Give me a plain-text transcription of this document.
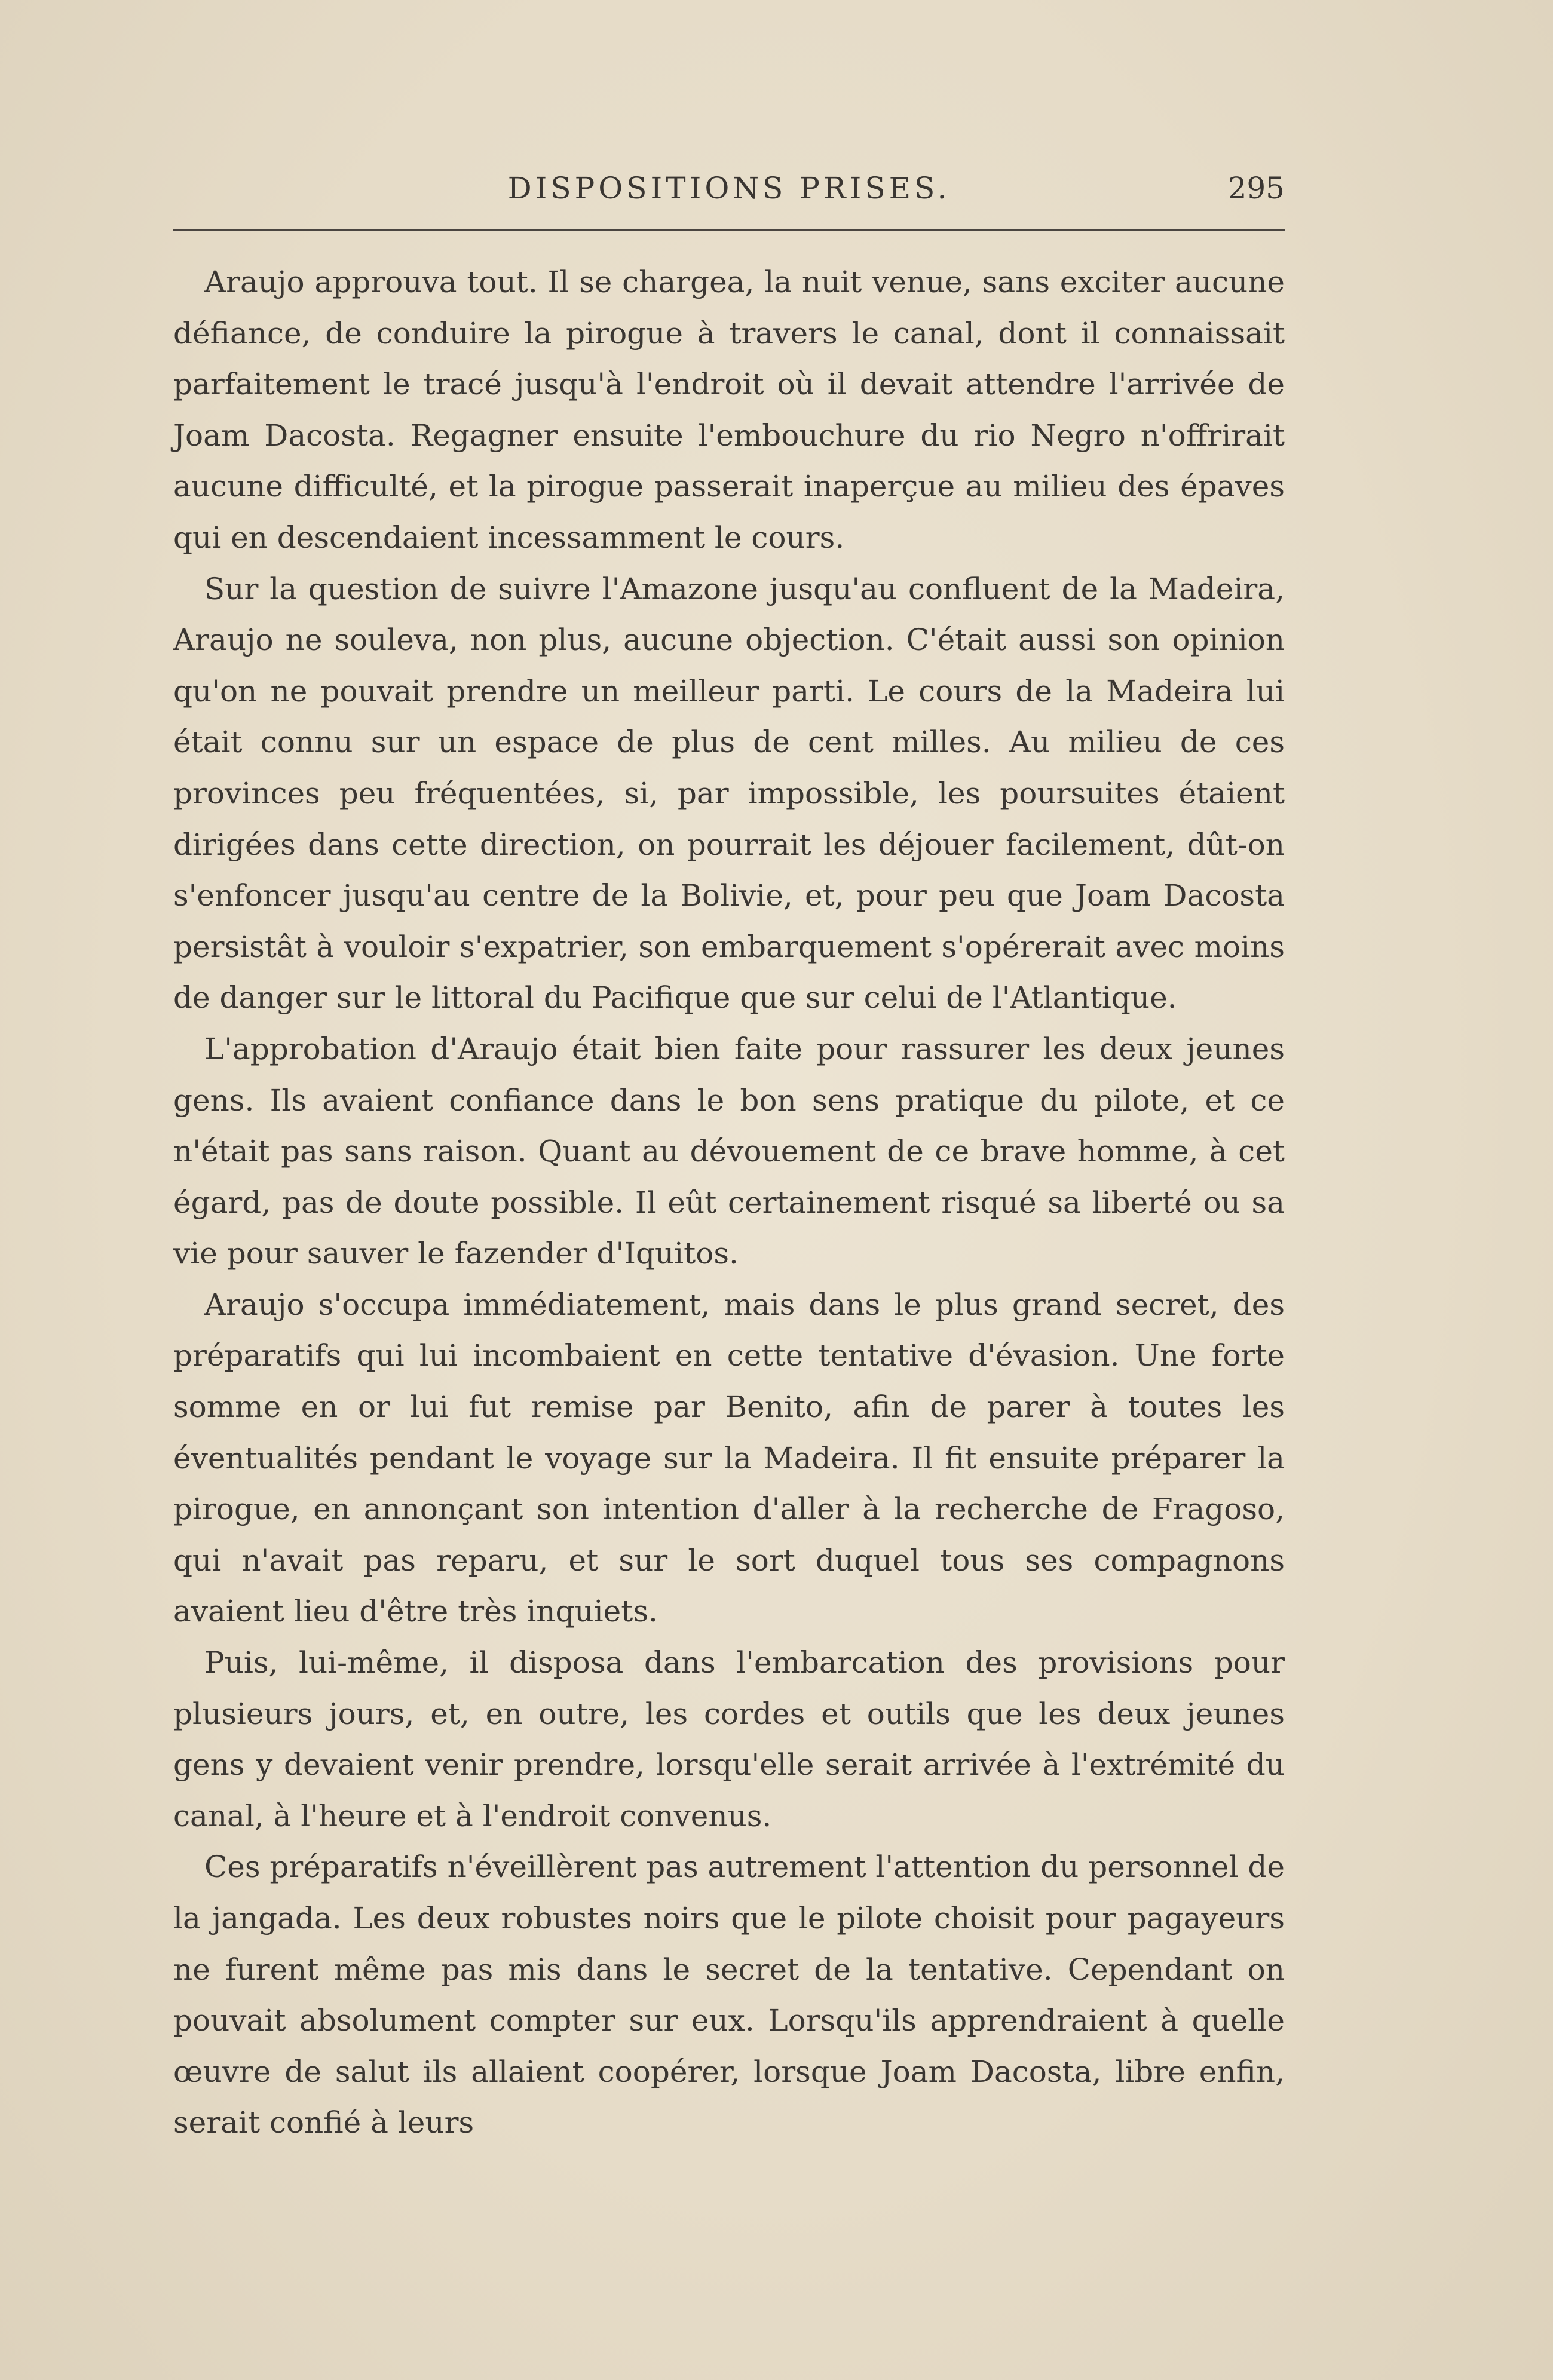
DISPOSITIONS PRISES.	295

Araujo approuva tout. Il se chargea, la nuit venue, sans exciter aucune défiance, de conduire la pirogue à travers le canal, dont il connaissait parfaitement le tracé jusqu'à l'endroit où il devait attendre l'arrivée de Joam Dacosta. Regagner ensuite l'embouchure du rio Negro n'offrirait aucune difficulté, et la pirogue passerait inaperçue au milieu des épaves qui en descendaient incessamment le cours.

Sur la question de suivre l'Amazone jusqu'au confluent de la Madeira, Araujo ne souleva, non plus, aucune objection. C'était aussi son opinion qu'on ne pouvait prendre un meilleur parti. Le cours de la Madeira lui était connu sur un espace de plus de cent milles. Au milieu de ces provinces peu fréquentées, si, par impossible, les poursuites étaient dirigées dans cette direction, on pourrait les déjouer facilement, dût-on s'enfoncer jusqu'au centre de la Bolivie, et, pour peu que Joam Dacosta persistât à vouloir s'expatrier, son embarquement s'opérerait avec moins de danger sur le littoral du Pacifique que sur celui de l'Atlantique.

L'approbation d'Araujo était bien faite pour rassurer les deux jeunes gens. Ils avaient confiance dans le bon sens pratique du pilote, et ce n'était pas sans raison. Quant au dévouement de ce brave homme, à cet égard, pas de doute possible. Il eût certainement risqué sa liberté ou sa vie pour sauver le fazender d'Iquitos.

Araujo s'occupa immédiatement, mais dans le plus grand secret, des préparatifs qui lui incombaient en cette tentative d'évasion. Une forte somme en or lui fut remise par Benito, afin de parer à toutes les éventualités pendant le voyage sur la Madeira. Il fit ensuite préparer la pirogue, en annonçant son intention d'aller à la recherche de Fragoso, qui n'avait pas reparu, et sur le sort duquel tous ses compagnons avaient lieu d'être très inquiets.

Puis, lui-même, il disposa dans l'embarcation des provisions pour plusieurs jours, et, en outre, les cordes et outils que les deux jeunes gens y devaient venir prendre, lorsqu'elle serait arrivée à l'extrémité du canal, à l'heure et à l'endroit convenus.

Ces préparatifs n'éveillèrent pas autrement l'attention du personnel de la jangada. Les deux robustes noirs que le pilote choisit pour pagayeurs ne furent même pas mis dans le secret de la tentative. Cependant on pouvait absolument compter sur eux. Lorsqu'ils apprendraient à quelle œuvre de salut ils allaient coopérer, lorsque Joam Dacosta, libre enfin, serait confié à leurs
